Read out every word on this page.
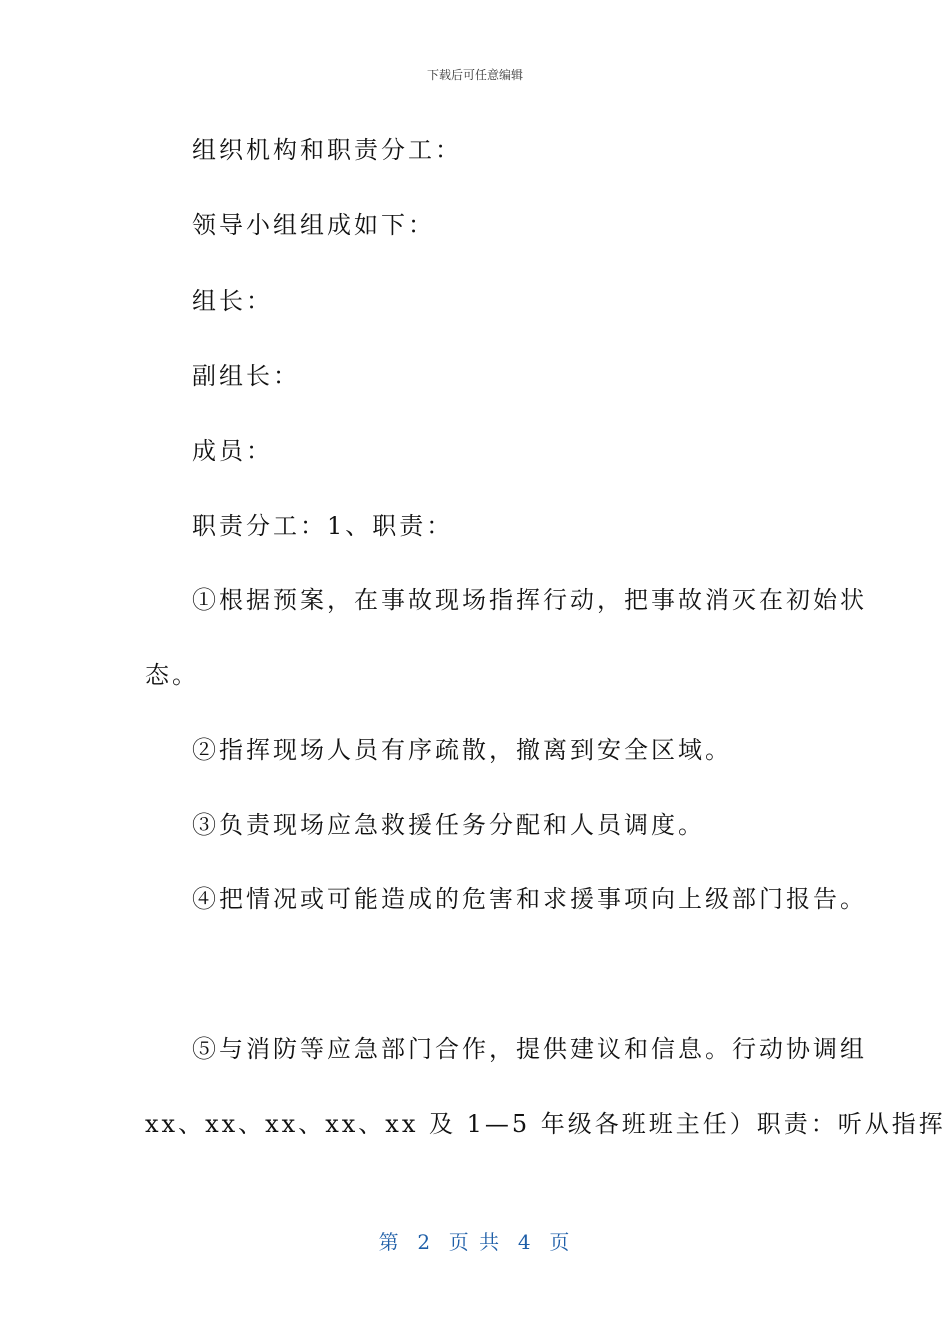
下载后可任意编辑
组织机构和职责分工：
领导小组组成如下：
组长：
副组长：
成员：
职责分工：1、职责：
①根据预案，在事故现场指挥行动，把事故消灭在初始状
态。
②指挥现场人员有序疏散，撤离到安全区域。
③负责现场应急救援任务分配和人员调度。
④把情况或可能造成的危害和求援事项向上级部门报告。
⑤与消防等应急部门合作，提供建议和信息。行动协调组
xx、xx、xx、xx、xx 及 1—5 年级各班班主任）职责：听从指挥
第  2  页 共  4  页
